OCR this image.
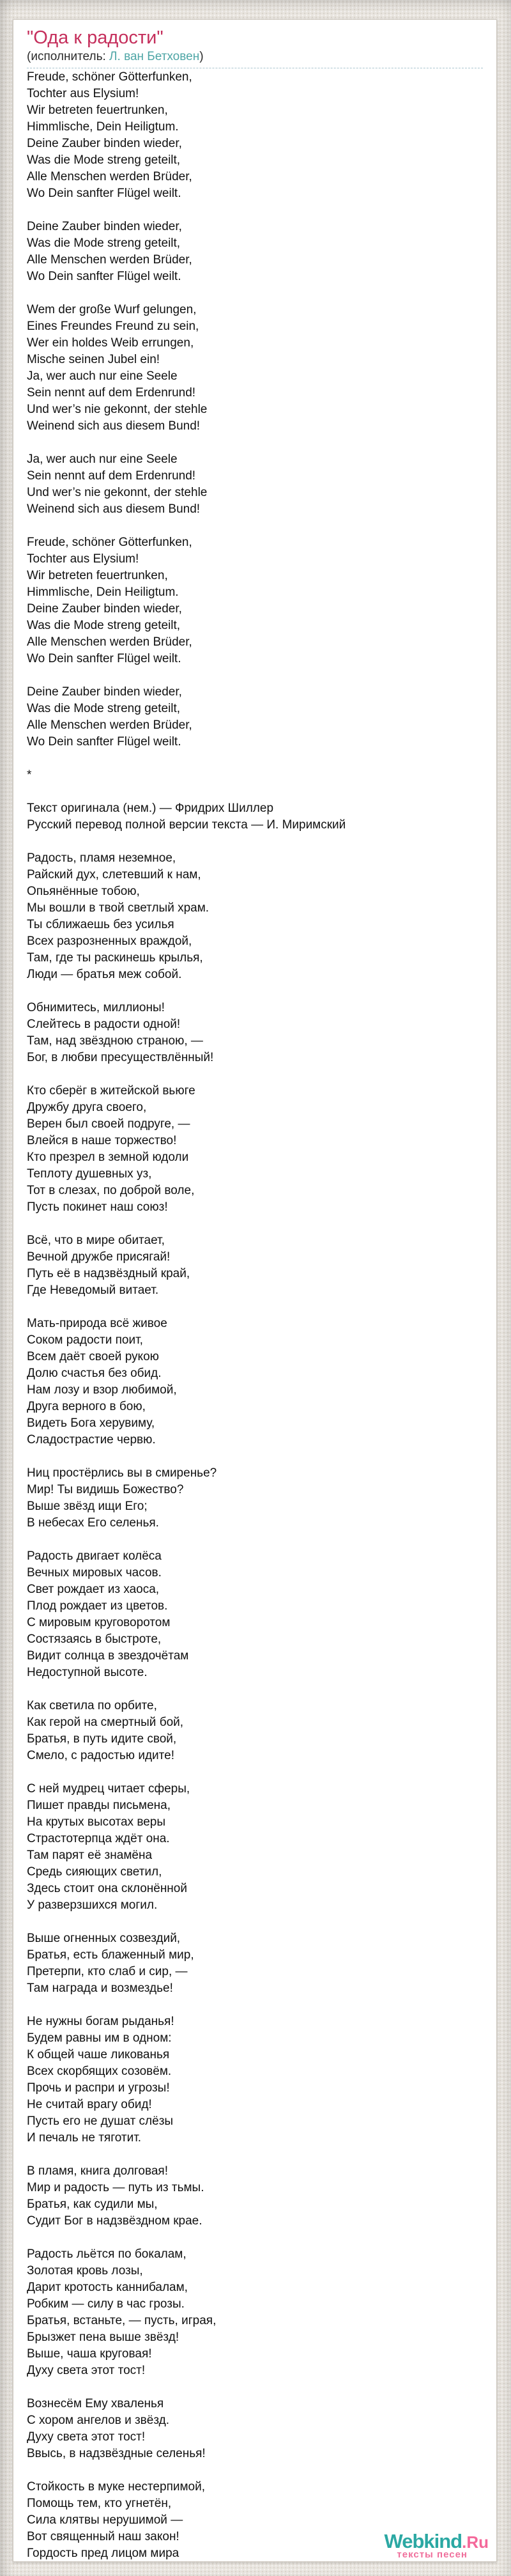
"Ода к радости"
(исполнитель: Л. ван Бетховен)

Freude, schöner Götterfunken,
Tochter aus Elysium!
Wir betreten feuertrunken,
Himmlische, Dein Heiligtum.
Deine Zauber binden wieder,
Was die Mode streng geteilt,
Alle Menschen werden Brüder,
Wo Dein sanfter Flügel weilt.

Deine Zauber binden wieder,
Was die Mode streng geteilt,
Alle Menschen werden Brüder,
Wo Dein sanfter Flügel weilt.

Wem der große Wurf gelungen,
Eines Freundes Freund zu sein,
Wer ein holdes Weib errungen,
Mische seinen Jubel ein!
Ja, wer auch nur eine Seele
Sein nennt auf dem Erdenrund!
Und wer’s nie gekonnt, der stehle
Weinend sich aus diesem Bund!

Ja, wer auch nur eine Seele
Sein nennt auf dem Erdenrund!
Und wer’s nie gekonnt, der stehle
Weinend sich aus diesem Bund!

Freude, schöner Götterfunken,
Tochter aus Elysium!
Wir betreten feuertrunken,
Himmlische, Dein Heiligtum.
Deine Zauber binden wieder,
Was die Mode streng geteilt,
Alle Menschen werden Brüder,
Wo Dein sanfter Flügel weilt.

Deine Zauber binden wieder,
Was die Mode streng geteilt,
Alle Menschen werden Brüder,
Wo Dein sanfter Flügel weilt.

*

Текст оригинала (нем.) — Фридрих Шиллер
Русский перевод полной версии текста — И. Миримский

Радость, пламя неземное,
Райский дух, слетевший к нам,
Опьянённые тобою,
Мы вошли в твой светлый храм.
Ты сближаешь без усилья
Всех разрозненных враждой,
Там, где ты раскинешь крылья,
Люди — братья меж собой.

Обнимитесь, миллионы!
Слейтесь в радости одной!
Там, над звёздною страною, —
Бог, в любви пресуществлённый!

Кто сберёг в житейской вьюге
Дружбу друга своего,
Верен был своей подруге, —
Влейся в наше торжество!
Кто презрел в земной юдоли
Теплоту душевных уз,
Тот в слезах, по доброй воле,
Пусть покинет наш союз!

Всё, что в мире обитает,
Вечной дружбе присягай!
Путь её в надзвёздный край,
Где Неведомый витает.

Мать-природа всё живое
Соком радости поит,
Всем даёт своей рукою
Долю счастья без обид.
Нам лозу и взор любимой,
Друга верного в бою,
Видеть Бога херувиму,
Сладострастие червю.

Ниц простёрлись вы в смиренье?
Мир! Ты видишь Божество?
Выше звёзд ищи Его;
В небесах Его селенья.

Радость двигает колёса
Вечных мировых часов.
Свет рождает из хаоса,
Плод рождает из цветов.
С мировым круговоротом
Состязаясь в быстроте,
Видит солнца в звездочётам
Недоступной высоте.

Как светила по орбите,
Как герой на смертный бой,
Братья, в путь идите свой,
Смело, с радостью идите!

С ней мудрец читает сферы,
Пишет правды письмена,
На крутых высотах веры
Страстотерпца ждёт она.
Там парят её знамёна
Средь сияющих светил,
Здесь стоит она склонённой
У разверзшихся могил.

Выше огненных созвездий,
Братья, есть блаженный мир,
Претерпи, кто слаб и сир, —
Там награда и возмездье!

Не нужны богам рыданья!
Будем равны им в одном:
К общей чаше ликованья
Всех скорбящих созовём.
Прочь и распри и угрозы!
Не считай врагу обид!
Пусть его не душат слёзы
И печаль не тяготит.

В пламя, книга долговая!
Мир и радость — путь из тьмы.
Братья, как судили мы,
Судит Бог в надзвёздном крае.

Радость льётся по бокалам,
Золотая кровь лозы,
Дарит кротость каннибалам,
Робким — силу в час грозы.
Братья, встаньте, — пусть, играя,
Брызжет пена выше звёзд!
Выше, чаша круговая!
Духу света этот тост!

Вознесём Ему хваленья
С хором ангелов и звёзд.
Духу света этот тост!
Ввысь, в надзвёздные селенья!

Стойкость в муке нестерпимой,
Помощь тем, кто угнетён,
Сила клятвы нерушимой —
Вот священный наш закон!
Гордость пред лицом мира

Webkind.Ru
тексты песен
